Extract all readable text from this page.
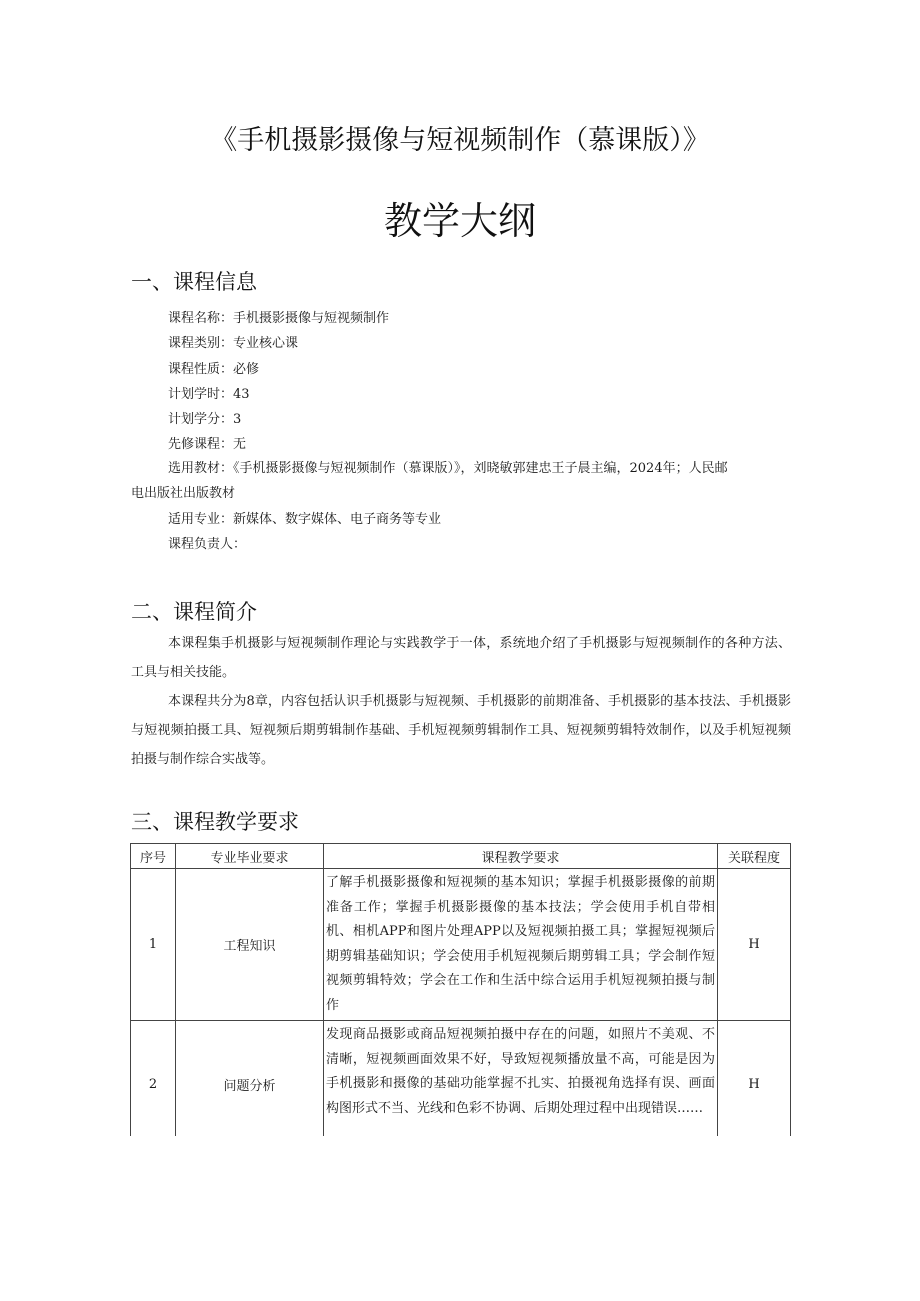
《手机摄影摄像与短视频制作（慕课版）》
教学大纲
一、课程信息
课程名称：手机摄影摄像与短视频制作
课程类别：专业核心课
课程性质：必修
计划学时：43
计划学分：3
先修课程：无
选用教材：《手机摄影摄像与短视频制作（慕课版）》，刘晓敏郭建忠王子晨主编，2024年；人民邮
电出版社出版教材
适用专业：新媒体、数字媒体、电子商务等专业
课程负责人：
二、课程简介

本课程集手机摄影与短视频制作理论与实践教学于一体，系统地介绍了手机摄影与短视频制作的各种方法、工具与相关技能。

本课程共分为8章，内容包括认识手机摄影与短视频、手机摄影的前期准备、手机摄影的基本技法、手机摄影与短视频拍摄工具、短视频后期剪辑制作基础、手机短视频剪辑制作工具、短视频剪辑特效制作，以及手机短视频拍摄与制作综合实战等。

三、课程教学要求
序号	专业毕业要求	课程教学要求	关联程度
1	工程知识	了解手机摄影摄像和短视频的基本知识；掌握手机摄影摄像的前期准备工作；掌握手机摄影摄像的基本技法；学会使用手机自带相机、相机APP和图片处理APP以及短视频拍摄工具；掌握短视频后期剪辑基础知识；学会使用手机短视频后期剪辑工具；学会制作短视频剪辑特效；学会在工作和生活中综合运用手机短视频拍摄与制作	H
2	问题分析	发现商品摄影或商品短视频拍摄中存在的问题，如照片不美观、不清晰，短视频画面效果不好，导致短视频播放量不高，可能是因为手机摄影和摄像的基础功能掌握不扎实、拍摄视角选择有误、画面构图形式不当、光线和色彩不协调、后期处理过程中出现错误……	H
